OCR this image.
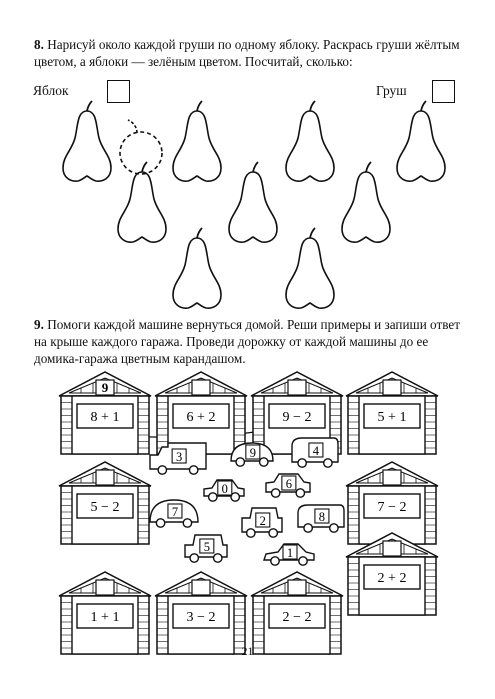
8. Нарисуй около каждой груши по одному яблоку. Раскрась груши жёлтым цветом, а яблоки — зелёным цветом. Посчитай, сколько:
Яблок	Груш
9. Помоги каждой машине вернуться домой. Реши примеры и запиши ответ на крыше каждого гаража. Проведи дорожку от каждой машины до ее домика-гаража цветным карандашом.
9
8 + 1	6 + 2	9 − 2	5 + 1
5 − 2	7 − 2
2 + 2
1 + 1	3 − 2	2 − 2
3	9	4
0	6
7
2	8
5	1
21
